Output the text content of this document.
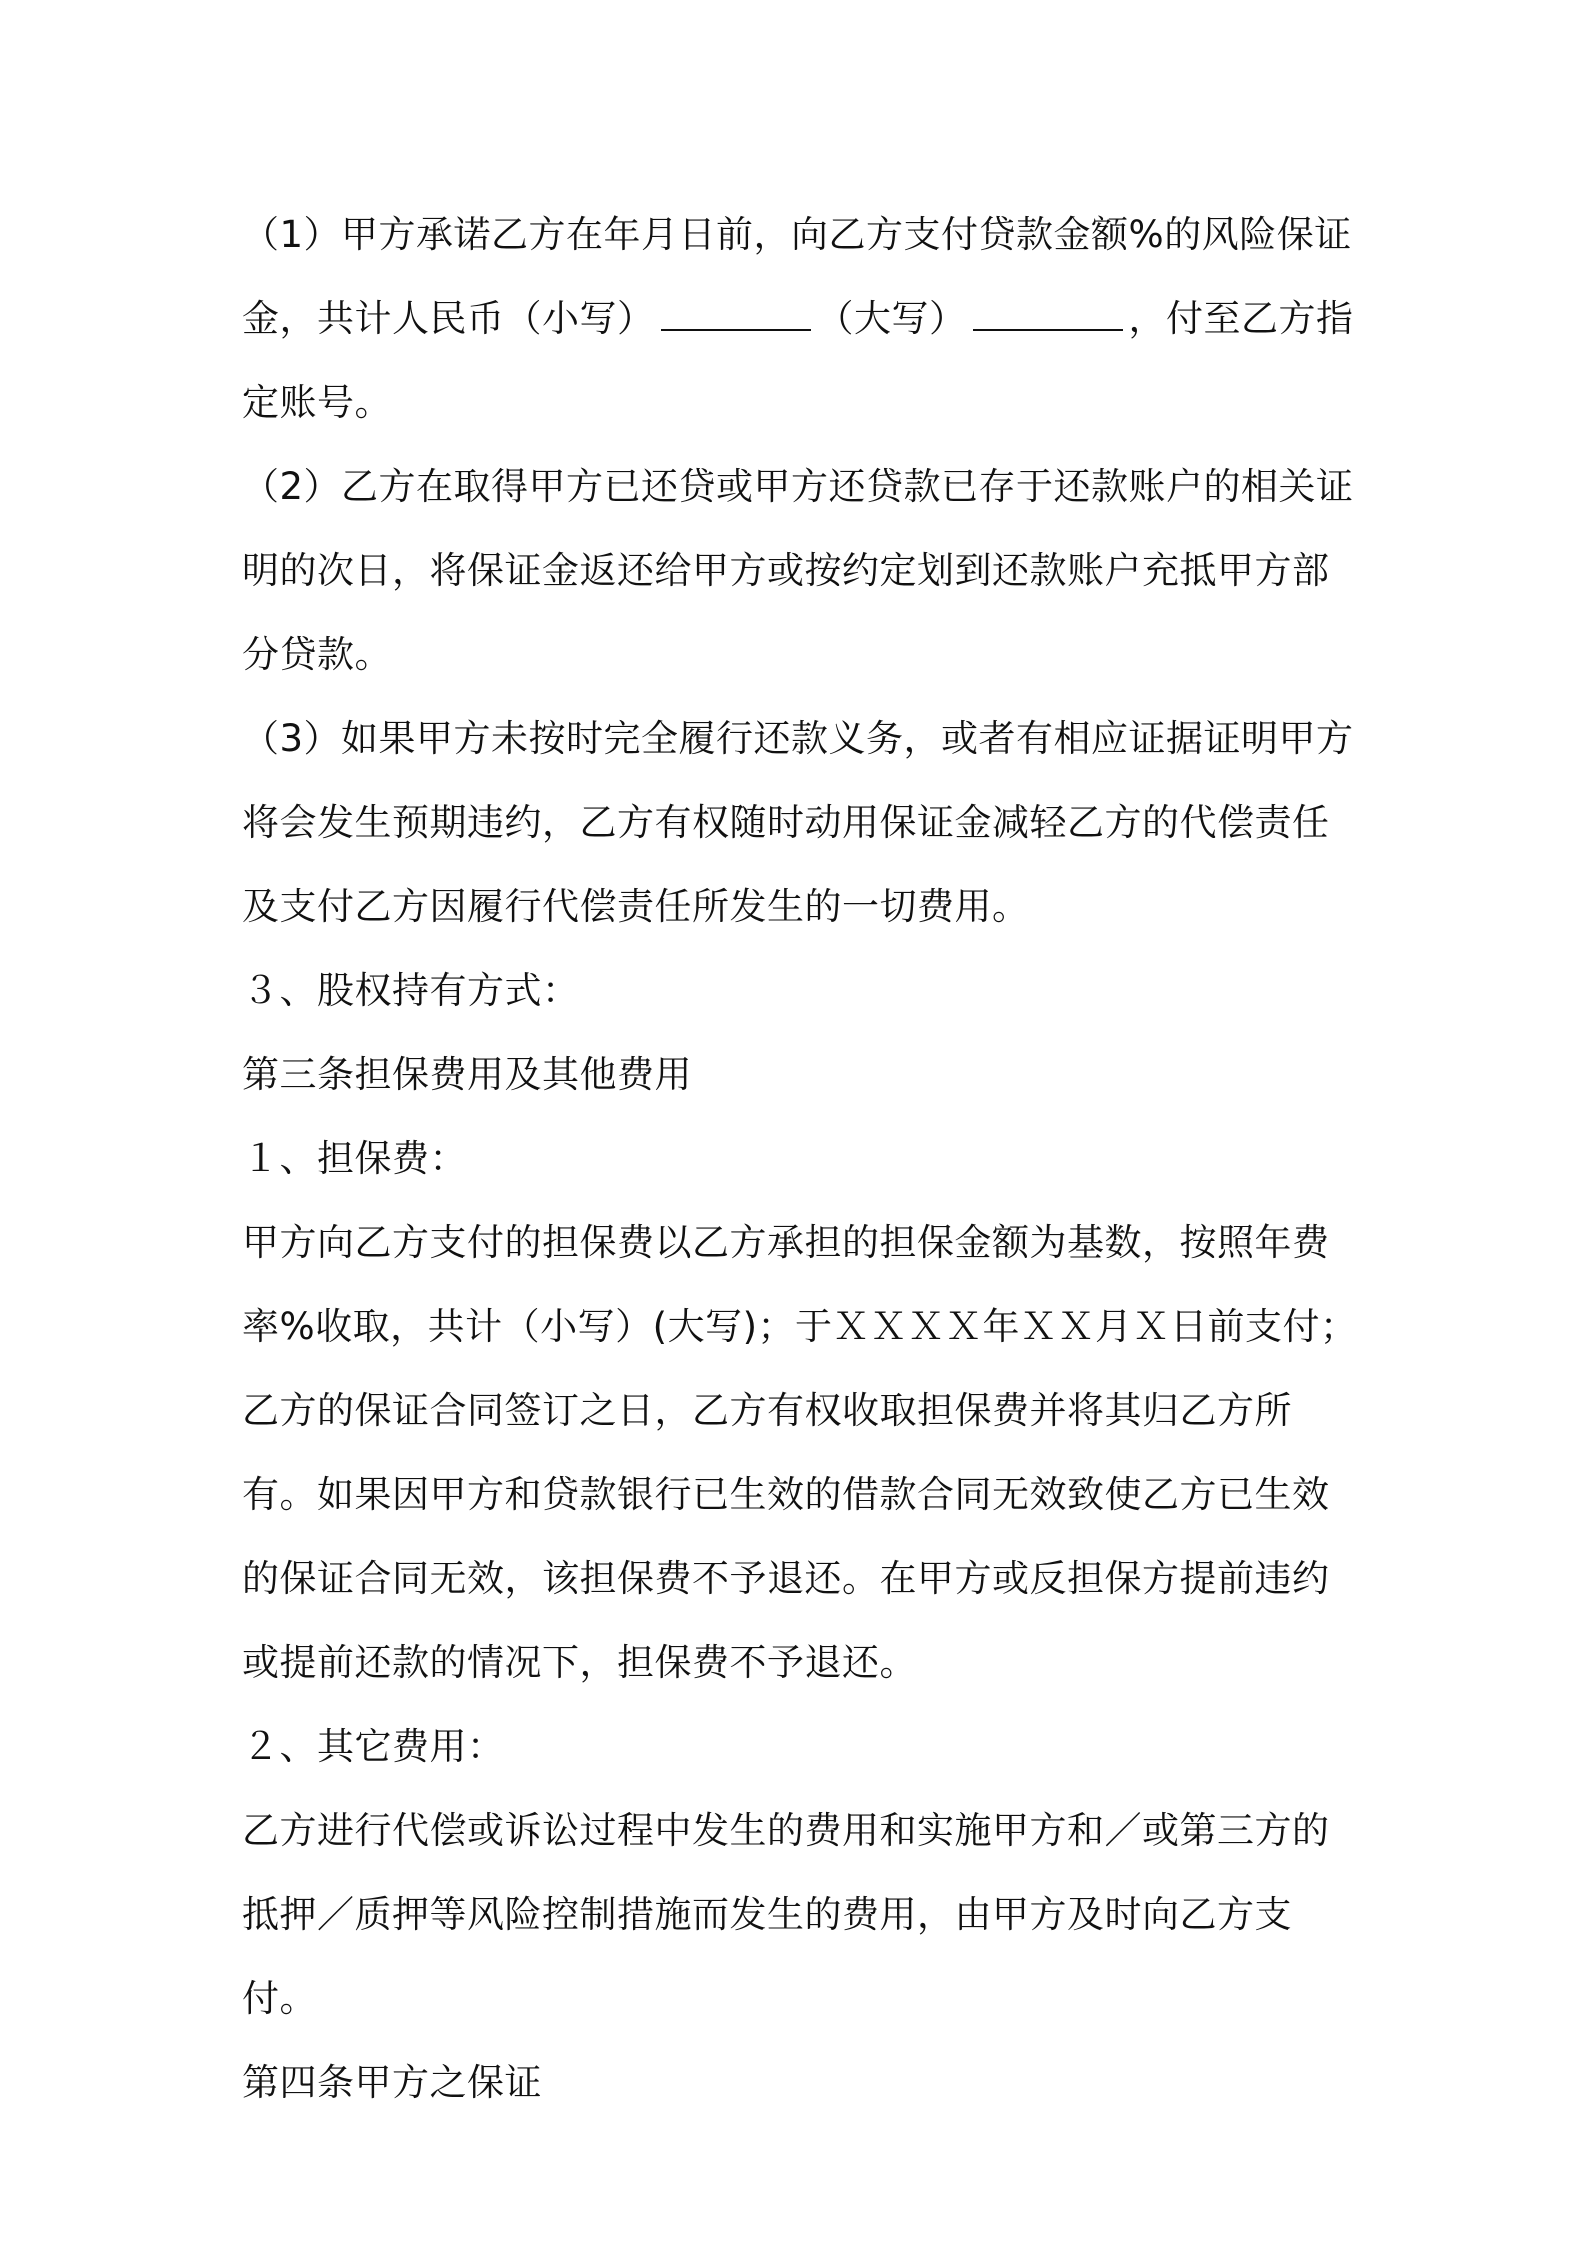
（1）甲方承诺乙方在年月日前，向乙方支付贷款金额%的风险保证金，共计人民币（小写）	（大写）	，付至乙方指定账号。

（2）乙方在取得甲方已还贷或甲方还贷款已存于还款账户的相关证明的次日，将保证金返还给甲方或按约定划到还款账户充抵甲方部分贷款。

（3）如果甲方未按时完全履行还款义务，或者有相应证据证明甲方将会发生预期违约，乙方有权随时动用保证金减轻乙方的代偿责任及支付乙方因履行代偿责任所发生的一切费用。

３、股权持有方式：

第三条担保费用及其他费用

１、担保费：

甲方向乙方支付的担保费以乙方承担的担保金额为基数，按照年费率%收取，共计（小写）(大写)；于ＸＸＸＸ年ＸＸ月Ｘ日前支付；乙方的保证合同签订之日，乙方有权收取担保费并将其归乙方所有。如果因甲方和贷款银行已生效的借款合同无效致使乙方已生效的保证合同无效，该担保费不予退还。在甲方或反担保方提前违约或提前还款的情况下，担保费不予退还。

２、其它费用：

乙方进行代偿或诉讼过程中发生的费用和实施甲方和／或第三方的抵押／质押等风险控制措施而发生的费用，由甲方及时向乙方支付。

第四条甲方之保证
